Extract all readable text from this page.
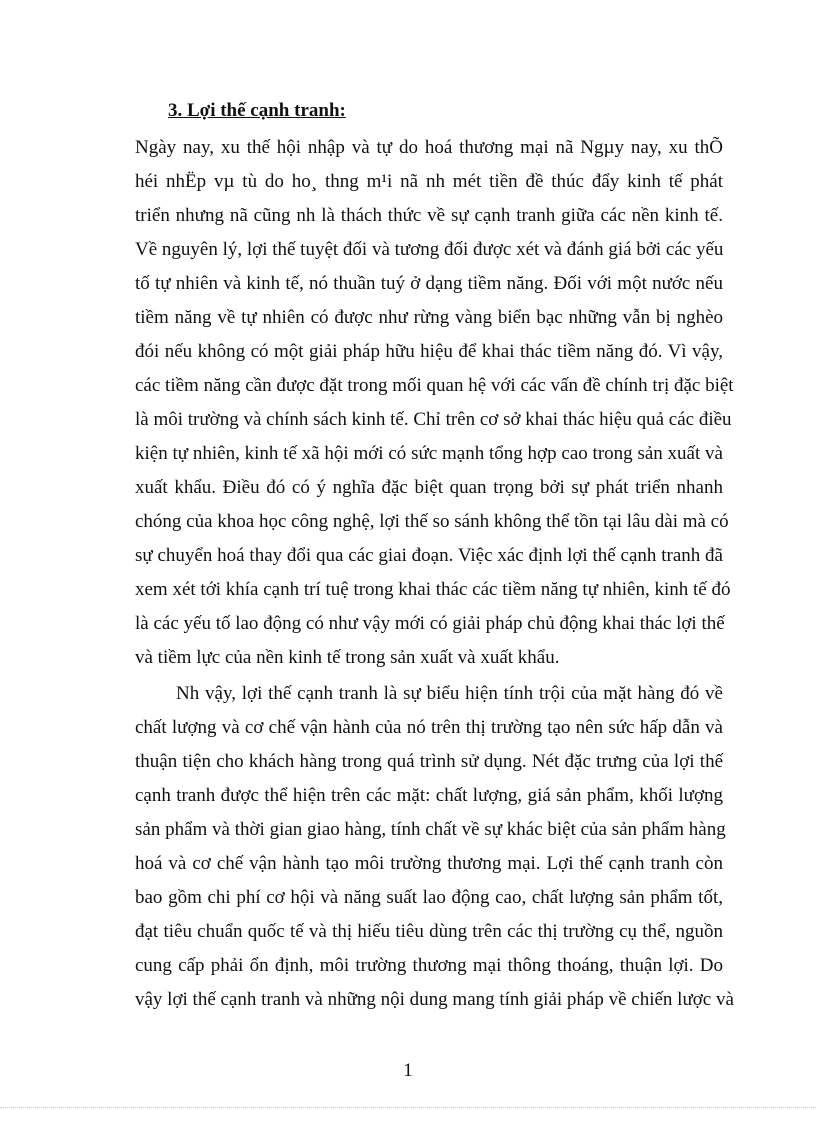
3. Lợi thế cạnh tranh:

Ngày nay, xu thế hội nhập và tự do hoá thương mại nã Ngµy nay, xu thÕ

héi nhËp vµ tù do ho¸ thng m¹i nã nh mét tiền đề thúc đẩy kinh tế phát

triển nhưng nã cũng nh là thách thức về sự cạnh tranh giữa các nền kinh tế.

Về nguyên lý, lợi thế tuyệt đối và tương đối được xét và đánh giá bởi các yếu

tố tự nhiên và kinh tế, nó thuần tuý ở dạng tiềm năng. Đối với một nước nếu

tiềm năng về tự nhiên có được như rừng vàng biển bạc những vẫn bị nghèo

đói nếu không có một giải pháp hữu hiệu để khai thác tiềm năng đó. Vì vậy,

các tiềm năng cần được đặt trong mối quan hệ với các vấn đề chính trị đặc biệt

là môi trường và chính sách kinh tế. Chỉ trên cơ sở khai thác hiệu quả các điều

kiện tự nhiên, kinh tế xã hội mới có sức mạnh tổng hợp cao trong sản xuất và

xuất khẩu. Điều đó có ý nghĩa đặc biệt quan trọng bởi sự phát triển nhanh

chóng của khoa học công nghệ, lợi thế so sánh không thể tồn tại lâu dài mà có

sự chuyển hoá thay đổi qua các giai đoạn. Việc xác định lợi thế cạnh tranh đã

xem xét tới khía cạnh trí tuệ trong khai thác các tiềm năng tự nhiên, kinh tế đó

là các yếu tố lao động có như vậy mới có giải pháp chủ động khai thác lợi thế

và tiềm lực của nền kinh tế trong sản xuất và xuất khẩu.

Nh vậy, lợi thế cạnh tranh là sự biểu hiện tính trội của mặt hàng đó về

chất lượng và cơ chế vận hành của nó trên thị trường tạo nên sức hấp dẫn và

thuận tiện cho khách hàng trong quá trình sử dụng. Nét đặc trưng của lợi thế

cạnh tranh được thể hiện trên các mặt: chất lượng, giá sản phẩm, khối lượng

sản phẩm và thời gian giao hàng, tính chất về sự khác biệt của sản phẩm hàng

hoá và cơ chế vận hành tạo môi trường thương mại. Lợi thế cạnh tranh còn

bao gồm chi phí cơ hội và năng suất lao động cao, chất lượng sản phẩm tốt,

đạt tiêu chuẩn quốc tế và thị hiếu tiêu dùng trên các thị trường cụ thể, nguồn

cung cấp phải ổn định, môi trường thương mại thông thoáng, thuận lợi. Do

vậy lợi thế cạnh tranh và những nội dung mang tính giải pháp về chiến lược và

1
